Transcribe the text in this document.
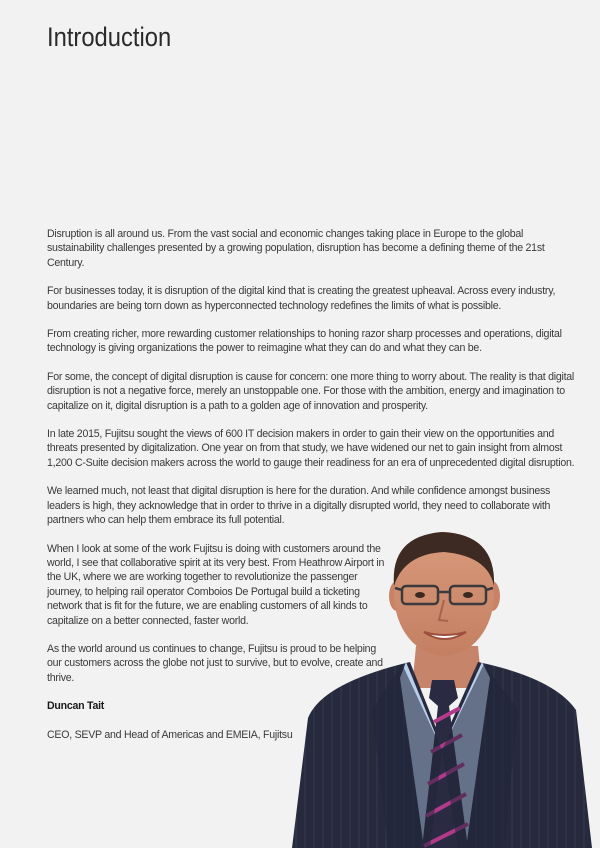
Introduction

Disruption is all around us. From the vast social and economic changes taking place in Europe to the global sustainability challenges presented by a growing population, disruption has become a defining theme of the 21st Century.

For businesses today, it is disruption of the digital kind that is creating the greatest upheaval. Across every industry, boundaries are being torn down as hyperconnected technology redefines the limits of what is possible.

From creating richer, more rewarding customer relationships to honing razor sharp processes and operations, digital technology is giving organizations the power to reimagine what they can do and what they can be.

For some, the concept of digital disruption is cause for concern: one more thing to worry about. The reality is that digital disruption is not a negative force, merely an unstoppable one. For those with the ambition, energy and imagination to capitalize on it, digital disruption is a path to a golden age of innovation and prosperity.

In late 2015, Fujitsu sought the views of 600 IT decision makers in order to gain their view on the opportunities and threats presented by digitalization. One year on from that study, we have widened our net to gain insight from almost 1,200 C-Suite decision makers across the world to gauge their readiness for an era of unprecedented digital disruption.

We learned much, not least that digital disruption is here for the duration. And while confidence amongst business leaders is high, they acknowledge that in order to thrive in a digitally disrupted world, they need to collaborate with partners who can help them embrace its full potential.

When I look at some of the work Fujitsu is doing with customers around the world, I see that collaborative spirit at its very best. From Heathrow Airport in the UK, where we are working together to revolutionize the passenger journey, to helping rail operator Comboios De Portugal build a ticketing network that is fit for the future, we are enabling customers of all kinds to capitalize on a better connected, faster world.

As the world around us continues to change, Fujitsu is proud to be helping our customers across the globe not just to survive, but to evolve, create and thrive.

Duncan Tait

CEO, SEVP and Head of Americas and EMEIA, Fujitsu
